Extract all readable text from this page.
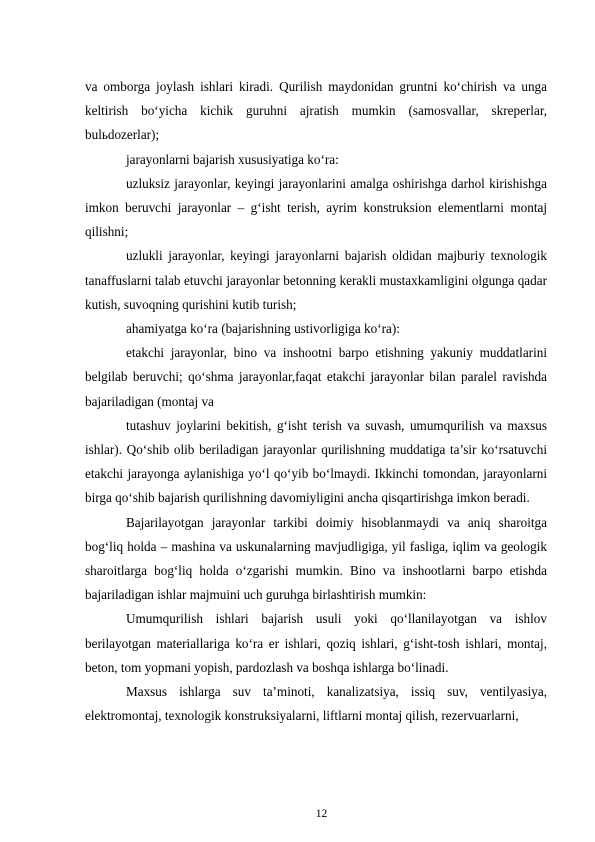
va omborga joylash ishlari kiradi. Qurilish maydonidan gruntni ko‘chirish va unga keltirish bo‘yicha kichik guruhni ajratish mumkin (samosvallar, skreperlar, bulьdozerlar);

jarayonlarni bajarish xususiyatiga ko‘ra:

uzluksiz jarayonlar, keyingi jarayonlarini amalga oshirishga darhol kirishishga imkon beruvchi jarayonlar – g‘isht terish, ayrim konstruksion elementlarni montaj qilishni;

uzlukli jarayonlar, keyingi jarayonlarni bajarish oldidan majburiy texnologik tanaffuslarni talab etuvchi jarayonlar betonning kerakli mustaxkamligini olgunga qadar kutish, suvoqning qurishini kutib turish;

ahamiyatga ko‘ra (bajarishning ustivorligiga ko‘ra):

etakchi jarayonlar, bino va inshootni barpo etishning yakuniy muddatlarini belgilab beruvchi; qo‘shma jarayonlar,faqat etakchi jarayonlar bilan paralel ravishda bajariladigan (montaj va

tutashuv joylarini bekitish, g‘isht terish va suvash, umumqurilish va maxsus ishlar). Qo‘shib olib beriladigan jarayonlar qurilishning muddatiga ta’sir ko‘rsatuvchi etakchi jarayonga aylanishiga yo‘l qo‘yib bo‘lmaydi. Ikkinchi tomondan, jarayonlarni birga qo‘shib bajarish qurilishning davomiyligini ancha qisqartirishga imkon beradi.

Bajarilayotgan jarayonlar tarkibi doimiy hisoblanmaydi va aniq sharoitga bog‘liq holda – mashina va uskunalarning mavjudligiga, yil fasliga, iqlim va geologik sharoitlarga bog‘liq holda o‘zgarishi mumkin. Bino va inshootlarni barpo etishda bajariladigan ishlar majmuini uch guruhga birlashtirish mumkin:

Umumqurilish ishlari bajarish usuli yoki qo‘llanilayotgan va ishlov berilayotgan materiallariga ko‘ra er ishlari, qoziq ishlari, g‘isht-tosh ishlari, montaj, beton, tom yopmani yopish, pardozlash va boshqa ishlarga bo‘linadi.

Maxsus ishlarga suv ta’minoti, kanalizatsiya, issiq suv, ventilyasiya, elektromontaj, texnologik konstruksiyalarni, liftlarni montaj qilish, rezervuarlarni,

12
